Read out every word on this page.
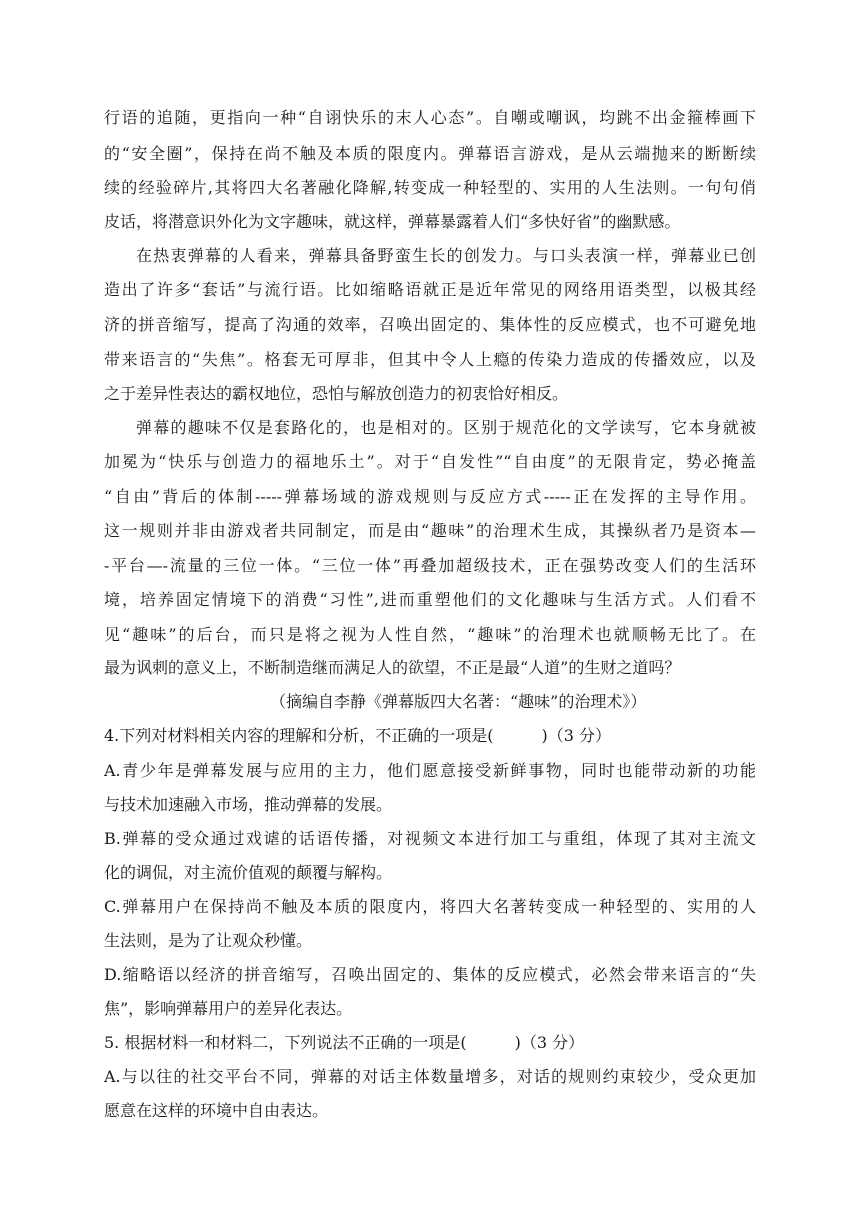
行语的追随，更指向一种“自诩快乐的末人心态”。自嘲或嘲讽，均跳不出金箍棒画下
的“安全圈”，保持在尚不触及本质的限度内。弹幕语言游戏，是从云端抛来的断断续
续的经验碎片,其将四大名著融化降解,转变成一种轻型的、实用的人生法则。一句句俏
皮话，将潜意识外化为文字趣味，就这样，弹幕暴露着人们“多快好省”的幽默感。
在热衷弹幕的人看来，弹幕具备野蛮生长的创发力。与口头表演一样，弹幕业已创
造出了许多“套话”与流行语。比如缩略语就正是近年常见的网络用语类型，以极其经
济的拼音缩写，提高了沟通的效率，召唤出固定的、集体性的反应模式，也不可避免地
带来语言的“失焦”。格套无可厚非，但其中令人上瘾的传染力造成的传播效应，以及
之于差异性表达的霸权地位，恐怕与解放创造力的初衷恰好相反。
弹幕的趣味不仅是套路化的，也是相对的。区别于规范化的文学读写，它本身就被
加冕为“快乐与创造力的福地乐土”。对于“自发性”“自由度”的无限肯定，势必掩盖
“自由”背后的体制-----弹幕场域的游戏规则与反应方式-----正在发挥的主导作用。
这一规则并非由游戏者共同制定，而是由“趣味”的治理术生成，其操纵者乃是资本—
-平台—-流量的三位一体。“三位一体”再叠加超级技术，正在强势改变人们的生活环
境，培养固定情境下的消费“习性”,进而重塑他们的文化趣味与生活方式。人们看不
见“趣味”的后台，而只是将之视为人性自然，“趣味”的治理术也就顺畅无比了。在
最为讽刺的意义上，不断制造继而满足人的欲望，不正是最“人道”的生财之道吗？
（摘编自李静《弹幕版四大名著：“趣味”的治理术》）
4.下列对材料相关内容的理解和分析，不正确的一项是(　　　)（3 分）
A.青少年是弹幕发展与应用的主力，他们愿意接受新鲜事物，同时也能带动新的功能
与技术加速融入市场，推动弹幕的发展。
B.弹幕的受众通过戏谑的话语传播，对视频文本进行加工与重组，体现了其对主流文
化的调侃，对主流价值观的颠覆与解构。
C.弹幕用户在保持尚不触及本质的限度内，将四大名著转变成一种轻型的、实用的人
生法则，是为了让观众秒懂。
D.缩略语以经济的拼音缩写，召唤出固定的、集体的反应模式，必然会带来语言的“失
焦”，影响弹幕用户的差异化表达。
5. 根据材料一和材料二，下列说法不正确的一项是(　　　)（3 分）
A.与以往的社交平台不同，弹幕的对话主体数量增多，对话的规则约束较少，受众更加
愿意在这样的环境中自由表达。
